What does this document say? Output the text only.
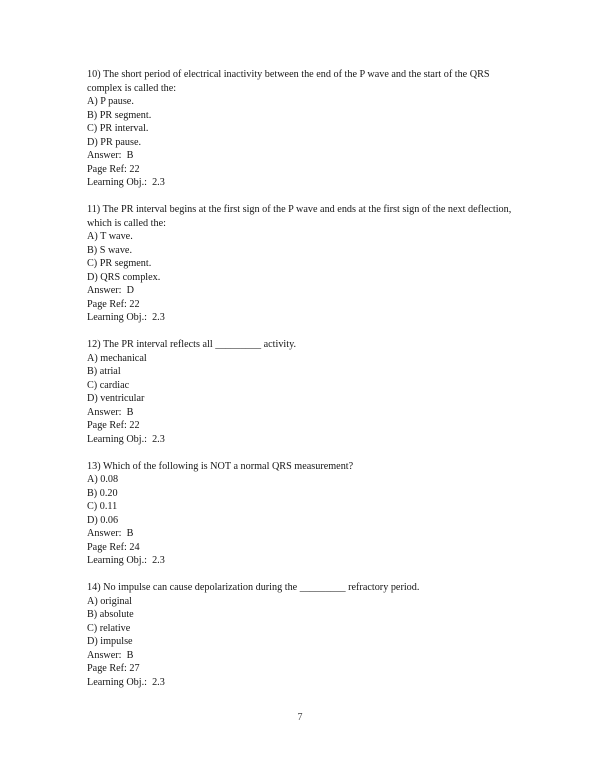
10) The short period of electrical inactivity between the end of the P wave and the start of the QRS complex is called the:
A) P pause.
B) PR segment.
C) PR interval.
D) PR pause.
Answer:  B
Page Ref: 22
Learning Obj.:  2.3
11) The PR interval begins at the first sign of the P wave and ends at the first sign of the next deflection, which is called the:
A) T wave.
B) S wave.
C) PR segment.
D) QRS complex.
Answer:  D
Page Ref: 22
Learning Obj.:  2.3
12) The PR interval reflects all _________ activity.
A) mechanical
B) atrial
C) cardiac
D) ventricular
Answer:  B
Page Ref: 22
Learning Obj.:  2.3
13) Which of the following is NOT a normal QRS measurement?
A) 0.08
B) 0.20
C) 0.11
D) 0.06
Answer:  B
Page Ref: 24
Learning Obj.:  2.3
14) No impulse can cause depolarization during the _________ refractory period.
A) original
B) absolute
C) relative
D) impulse
Answer:  B
Page Ref: 27
Learning Obj.:  2.3
7
